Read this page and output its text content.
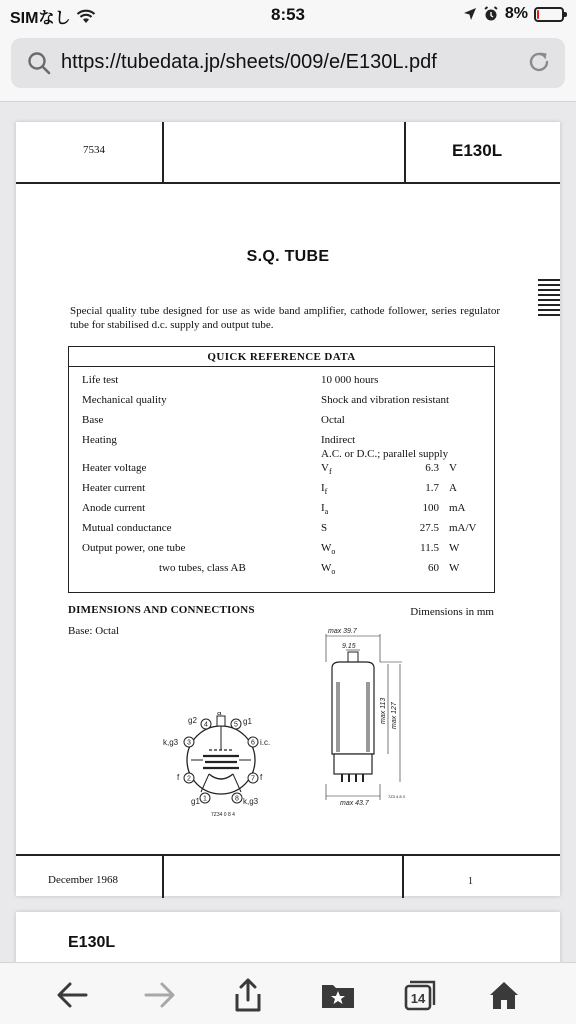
SIMなし	8:53	8%
https://tubedata.jp/sheets/009/e/E130L.pdf
7534	E130L
S.Q. TUBE
Special quality tube designed for use as wide band amplifier, cathode follower, series regulator tube for stabilised d.c. supply and output tube.
QUICK REFERENCE DATA
Life test	10 000 hours
Mechanical quality	Shock and vibration resistant
Base	Octal
Heating	Indirect
A.C. or D.C.; parallel supply
Heater voltage	$V_f$	6.3 V
Heater current	$I_f$	1.7 A
Anode current	$I_a$	100 mA
Mutual conductance	S	27.5 mA/V
Output power, one tube	$W_o$	11.5 W
two tubes, class AB	$W_o$	60 W
DIMENSIONS AND CONNECTIONS	Dimensions in mm
Base: Octal
1	8
2	7
3	6
4	5
a
g1
g2
k,g3	i.c.
f	f
g1	k,g3
7Z34 0 8 4
max 39.7
9.15
max 113 max 127
max 43.7
7Z3 4 8 3
December 1968	1
E130L
14
